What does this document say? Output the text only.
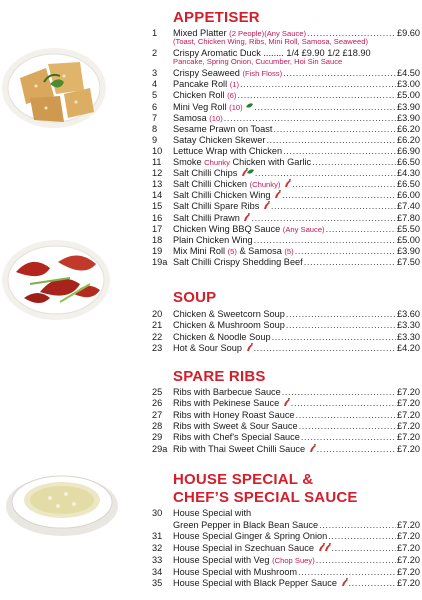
APPETISER
SOUP
SPARE RIBS
HOUSE SPECIAL &
CHEF’S SPECIAL SAUCE
1 Mixed Platter (2 People)(Any Sauce) .....	£9.60
(Toast, Chicken Wing, Ribs, Mini Roll, Samosa, Seaweed)
2 Crispy Aromatic Duck ........ 1/4 £9.90 1/2 £18.90
Pancake, Spring Onion, Cucumber, Hoi Sin Sauce
3 Crispy Seaweed (Fish Floss) .....	£4.50
4 Pancake Roll (1) .....	£3.00
5 Chicken Roll (6) .....	£5.00
6 Mini Veg Roll (10) .....	£3.90
7 Samosa (10) .....	£3.90
8 Sesame Prawn on Toast .....	£6.20
9 Satay Chicken Skewer .....	£6.20
10 Lettuce Wrap with Chicken .....	£6.90
11 Smoke Chunky Chicken with Garlic .....	£6.50
12 Salt Chilli Chips .....	£4.30
13 Salt Chilli Chicken (Chunky) .....	£6.50
14 Salt Chilli Chicken Wing .....	£6.00
15 Salt Chilli Spare Ribs .....	£7.40
16 Salt Chilli Prawn .....	£7.80
17 Chicken Wing BBQ Sauce (Any Sauce) .....	£5.50
18 Plain Chicken Wing .....	£5.00
19 Mix Mini Roll (5) & Samosa (5) .....	£3.90
19a Salt Chilli Crispy Shedding Beef .....	£7.50
20 Chicken & Sweetcorn Soup .....	£3.60
21 Chicken & Mushroom Soup .....	£3.30
22 Chicken & Noodle Soup .....	£3.30
23 Hot & Sour Soup .....	£4.20
25 Ribs with Barbecue Sauce .....	£7.20
26 Ribs with Pekinese Sauce .....	£7.20
27 Ribs with Honey Roast Sauce .....	£7.20
28 Ribs with Sweet & Sour Sauce .....	£7.20
29 Ribs with Chef's Special Sauce .....	£7.20
29a Rib with Thai Sweet Chilli Sauce .....	£7.20
30 House Special with
Green Pepper in Black Bean Sauce .....	£7.20
31 House Special Ginger & Spring Onion .....	£7.20
32 House Special in Szechuan Sauce .....	£7.20
33 House Special with Veg (Chop Suey) .....	£7.20
34 House Special with Mushroom .....	£7.20
35 House Special with Black Pepper Sauce .....	£7.20
